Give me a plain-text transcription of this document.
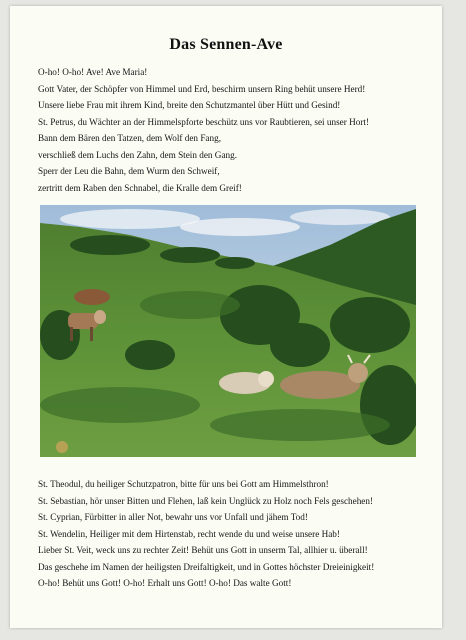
Das Sennen-Ave
O-ho! O-ho! Ave! Ave Maria!
Gott Vater, der Schöpfer von Himmel und Erd, beschirm unsern Ring behüt unsere Herd!
Unsere liebe Frau mit ihrem Kind, breite den Schutzmantel über Hütt und Gesind!
St. Petrus, du Wächter an der Himmelspforte beschütz uns vor Raubtieren, sei unser Hort!
Bann dem Bären den Tatzen, dem Wolf den Fang,
verschließ dem Luchs den Zahn, dem Stein den Gang.
Sperr der Leu die Bahn, dem Wurm den Schweif,
zertritt dem Raben den Schnabel, die Kralle dem Greif!
St. Theodul, du heiliger Schutzpatron, bitte für uns bei Gott am Himmelsthron!
St. Sebastian, hör unser Bitten und Flehen, laß kein Unglück zu Holz noch Fels geschehen!
St. Cyprian, Fürbitter in aller Not, bewahr uns vor Unfall und jähem Tod!
St. Wendelin, Heiliger mit dem Hirtenstab, recht wende du und weise unsere Hab!
Lieber St. Veit, weck uns zu rechter Zeit! Behüt uns Gott in unserm Tal, allhier u. überall!
Das geschehe im Namen der heiligsten Dreifaltigkeit, und in Gottes höchster Dreieinigkeit!
O-ho! Behüt uns Gott! O-ho! Erhalt uns Gott! O-ho! Das walte Gott!
